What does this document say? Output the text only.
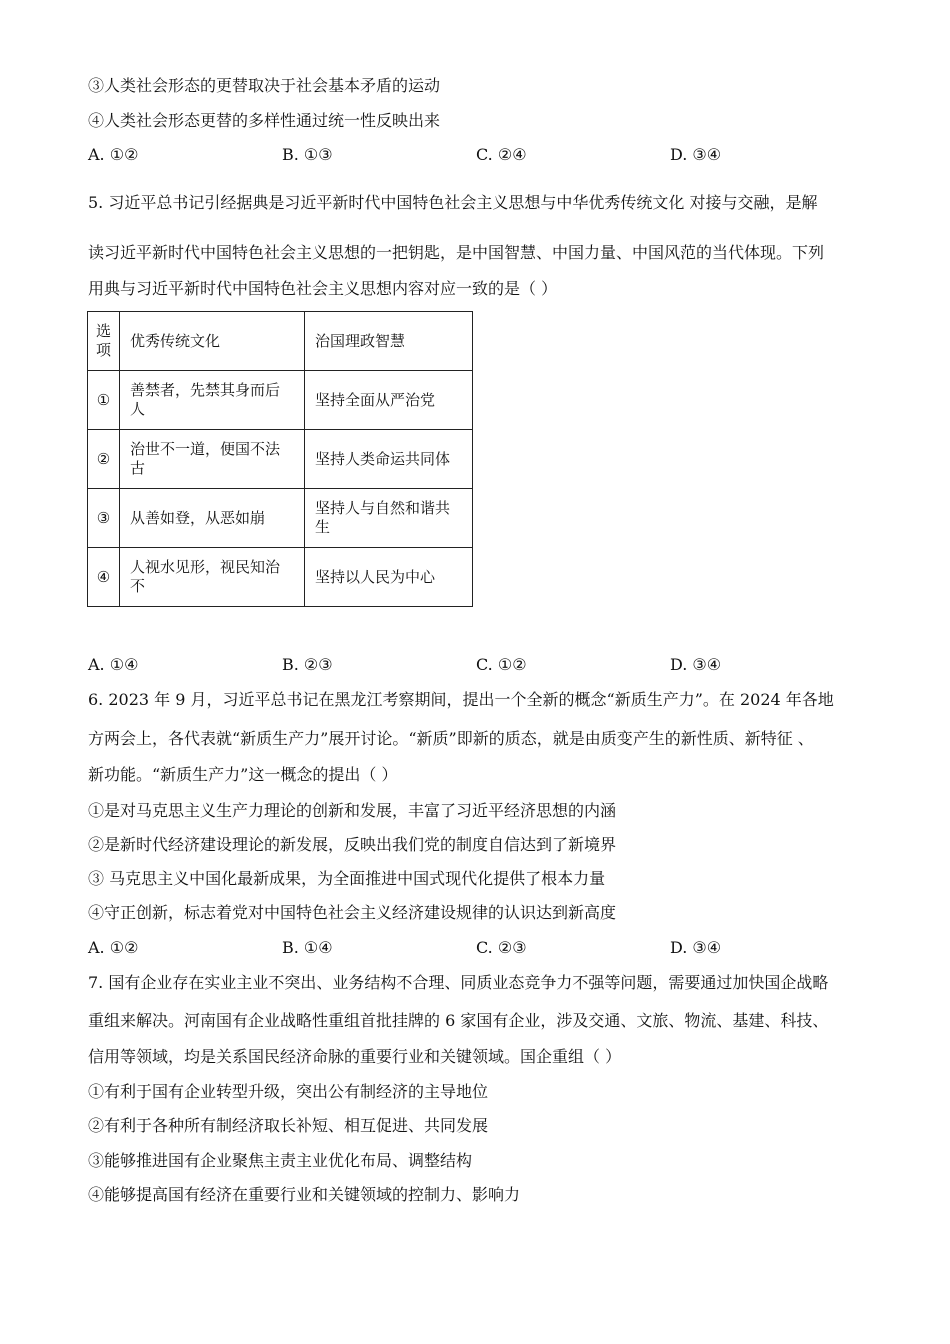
③人类社会形态的更替取决于社会基本矛盾的运动
④人类社会形态更替的多样性通过统一性反映出来
A. ①②	B. ①③	C. ②④	D. ③④
5. 习近平总书记引经据典是习近平新时代中国特色社会主义思想与中华优秀传统文化 对接与交融，是解
读习近平新时代中国特色社会主义思想的一把钥匙，是中国智慧、中国力量、中国风范的当代体现。下列
用典与习近平新时代中国特色社会主义思想内容对应一致的是（ ）
选项	优秀传统文化	治国理政智慧
①	善禁者，先禁其身而后人	坚持全面从严治党
②	治世不一道，便国不法古	坚持人类命运共同体
③	从善如登，从恶如崩	坚持人与自然和谐共生
④	人视水见形，视民知治不	坚持以人民为中心
A. ①④	B. ②③	C. ①②	D. ③④
6. 2023 年 9 月，习近平总书记在黑龙江考察期间，提出一个全新的概念“新质生产力”。在 2024 年各地
方两会上，各代表就“新质生产力”展开讨论。“新质”即新的质态，就是由质变产生的新性质、新特征 、
新功能。“新质生产力”这一概念的提出（ ）
①是对马克思主义生产力理论的创新和发展，丰富了习近平经济思想的内涵
②是新时代经济建设理论的新发展，反映出我们党的制度自信达到了新境界
③ 马克思主义中国化最新成果，为全面推进中国式现代化提供了根本力量
④守正创新，标志着党对中国特色社会主义经济建设规律的认识达到新高度
A. ①②	B. ①④	C. ②③	D. ③④
7. 国有企业存在实业主业不突出、业务结构不合理、同质业态竞争力不强等问题，需要通过加快国企战略
重组来解决。河南国有企业战略性重组首批挂牌的 6 家国有企业，涉及交通、文旅、物流、基建、科技、
信用等领域，均是关系国民经济命脉的重要行业和关键领域。国企重组（ ）
①有利于国有企业转型升级，突出公有制经济的主导地位
②有利于各种所有制经济取长补短、相互促进、共同发展
③能够推进国有企业聚焦主责主业优化布局、调整结构
④能够提高国有经济在重要行业和关键领域的控制力、影响力
